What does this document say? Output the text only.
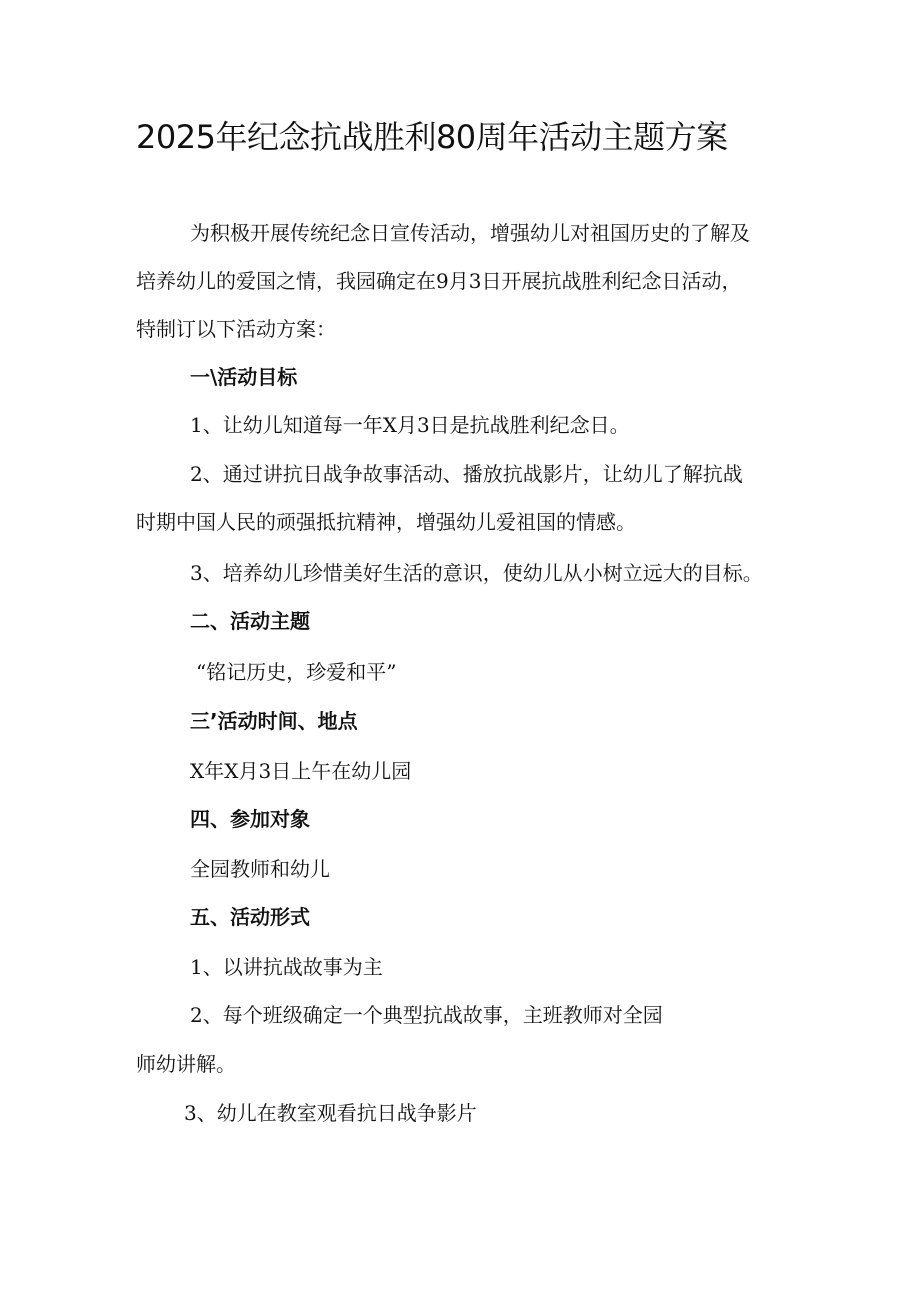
2025年纪念抗战胜利80周年活动主题方案
为积极开展传统纪念日宣传活动，增强幼儿对祖国历史的了解及
培养幼儿的爱国之情，我园确定在9月3日开展抗战胜利纪念日活动，
特制订以下活动方案：
一\活动目标
1、让幼儿知道每一年X月3日是抗战胜利纪念日。
2、通过讲抗日战争故事活动、播放抗战影片，让幼儿了解抗战
时期中国人民的顽强抵抗精神，增强幼儿爱祖国的情感。
3、培养幼儿珍惜美好生活的意识，使幼儿从小树立远大的目标。
二、活动主题
“铭记历史，珍爱和平”
三’活动时间、地点
X年X月3日上午在幼儿园
四、参加对象
全园教师和幼儿
五、活动形式
1、以讲抗战故事为主
2、每个班级确定一个典型抗战故事，主班教师对全园
师幼讲解。
3、幼儿在教室观看抗日战争影片
